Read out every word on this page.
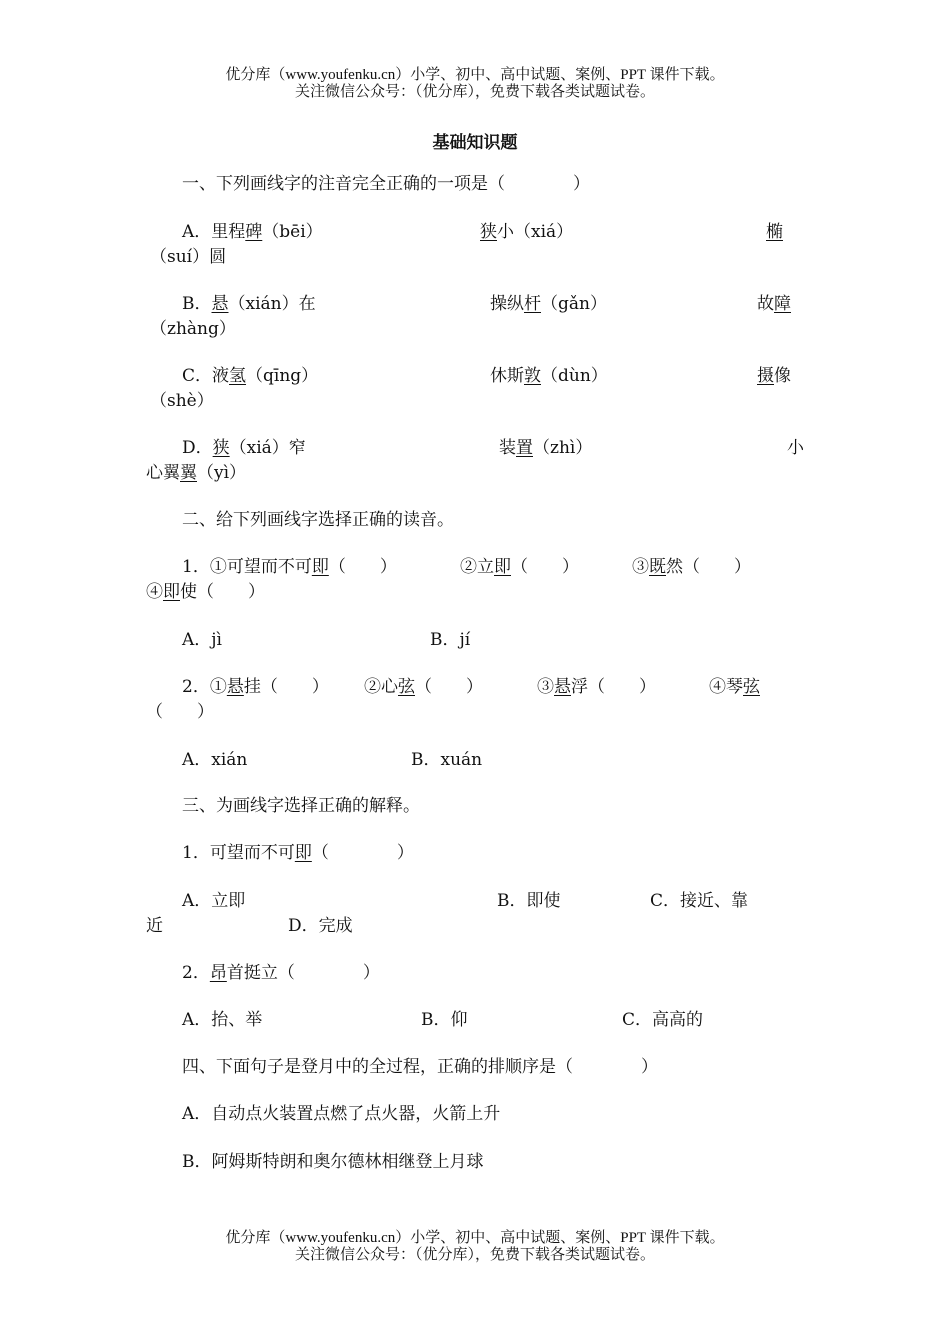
优分库（www.youfenku.cn）小学、初中、高中试题、案例、PPT 课件下载。
关注微信公众号：（优分库），免费下载各类试题试卷。
基础知识题
一、下列画线字的注音完全正确的一项是（　　　　）
A．里程碑（bēi）	狭小（xiá）	椭
（suí）圆
B．悬（xián）在	操纵杆（gǎn）	故障
（zhàng）
C．液氢（qīng）	休斯敦（dùn）	摄像
（shè）
D．狭（xiá）窄	装置（zhì）	小
心翼翼（yì）
二、给下列画线字选择正确的读音。
1．①可望而不可即（　　）	②立即（　　）	③既然（　　）
④即使（　　）
A．jì	B．jí
2．①悬挂（　　） ②心弦（　　）	③悬浮（　　）	④琴弦
（　　）
A．xián	B．xuán
三、为画线字选择正确的解释。
1．可望而不可即（　　　　）
A．立即	B．即使	C．接近、靠
近	D．完成
2．昂首挺立（　　　　）
A．抬、举	B．仰	C．高高的
四、下面句子是登月中的全过程，正确的排顺序是（　　　　）
A．自动点火装置点燃了点火器，火箭上升
B．阿姆斯特朗和奥尔德林相继登上月球
优分库（www.youfenku.cn）小学、初中、高中试题、案例、PPT 课件下载。
关注微信公众号：（优分库），免费下载各类试题试卷。
